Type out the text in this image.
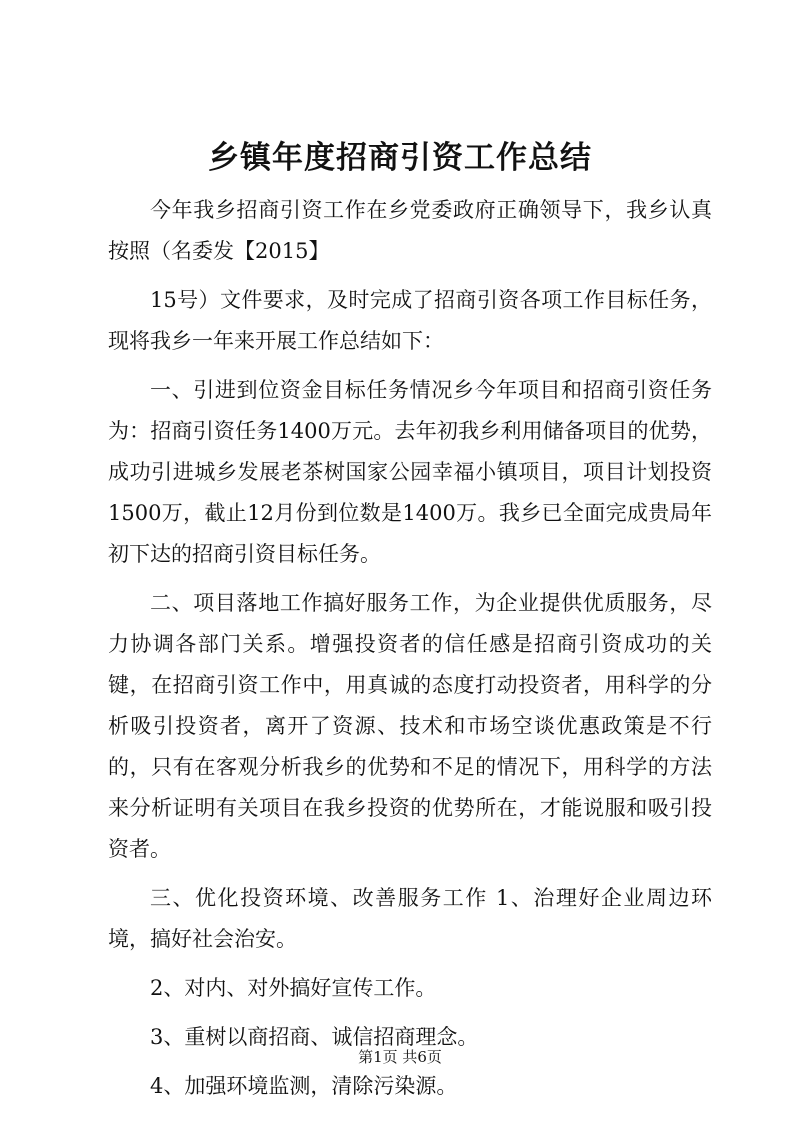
乡镇年度招商引资工作总结

今年我乡招商引资工作在乡党委政府正确领导下，我乡认真按照（名委发【2015】

15号）文件要求，及时完成了招商引资各项工作目标任务，现将我乡一年来开展工作总结如下：

一、引进到位资金目标任务情况乡今年项目和招商引资任务为：招商引资任务1400万元。去年初我乡利用储备项目的优势，成功引进城乡发展老茶树国家公园幸福小镇项目，项目计划投资1500万，截止12月份到位数是1400万。我乡已全面完成贵局年初下达的招商引资目标任务。

二、项目落地工作搞好服务工作，为企业提供优质服务，尽力协调各部门关系。增强投资者的信任感是招商引资成功的关键，在招商引资工作中，用真诚的态度打动投资者，用科学的分析吸引投资者，离开了资源、技术和市场空谈优惠政策是不行的，只有在客观分析我乡的优势和不足的情况下，用科学的方法来分析证明有关项目在我乡投资的优势所在，才能说服和吸引投资者。

三、优化投资环境、改善服务工作 1、治理好企业周边环境，搞好社会治安。

2、对内、对外搞好宣传工作。

3、重树以商招商、诚信招商理念。

4、加强环境监测，清除污染源。

第1页 共6页
